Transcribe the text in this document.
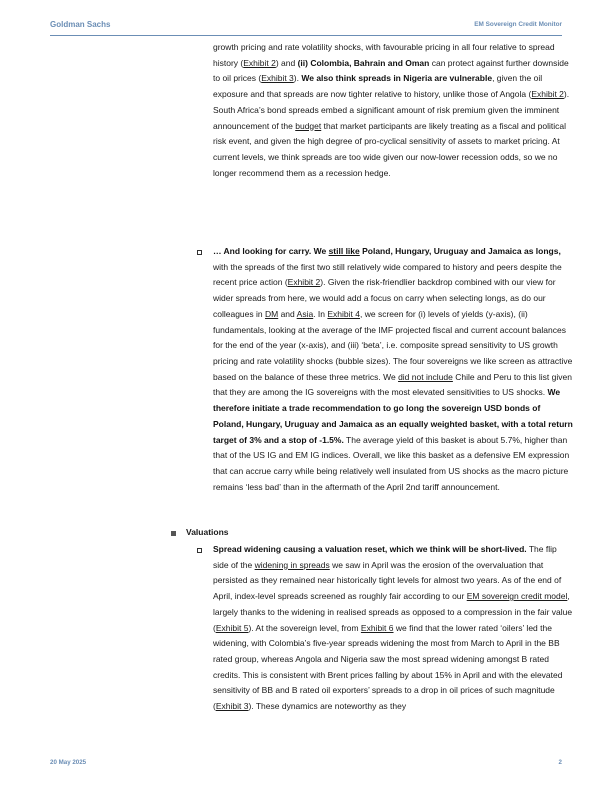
Goldman Sachs	EM Sovereign Credit Monitor

growth pricing and rate volatility shocks, with favourable pricing in all four relative to spread history (Exhibit 2) and (ii) Colombia, Bahrain and Oman can protect against further downside to oil prices (Exhibit 3). We also think spreads in Nigeria are vulnerable, given the oil exposure and that spreads are now tighter relative to history, unlike those of Angola (Exhibit 2). South Africa’s bond spreads embed a significant amount of risk premium given the imminent announcement of the budget that market participants are likely treating as a fiscal and political risk event, and given the high degree of pro-cyclical sensitivity of assets to market pricing. At current levels, we think spreads are too wide given our now-lower recession odds, so we no longer recommend them as a recession hedge.

… And looking for carry. We still like Poland, Hungary, Uruguay and Jamaica as longs, with the spreads of the first two still relatively wide compared to history and peers despite the recent price action (Exhibit 2). Given the risk-friendlier backdrop combined with our view for wider spreads from here, we would add a focus on carry when selecting longs, as do our colleagues in DM and Asia. In Exhibit 4, we screen for (i) levels of yields (y-axis), (ii) fundamentals, looking at the average of the IMF projected fiscal and current account balances for the end of the year (x-axis), and (iii) ‘beta’, i.e. composite spread sensitivity to US growth pricing and rate volatility shocks (bubble sizes). The four sovereigns we like screen as attractive based on the balance of these three metrics. We did not include Chile and Peru to this list given that they are among the IG sovereigns with the most elevated sensitivities to US shocks. We therefore initiate a trade recommendation to go long the sovereign USD bonds of Poland, Hungary, Uruguay and Jamaica as an equally weighted basket, with a total return target of 3% and a stop of -1.5%. The average yield of this basket is about 5.7%, higher than that of the US IG and EM IG indices. Overall, we like this basket as a defensive EM expression that can accrue carry while being relatively well insulated from US shocks as the macro picture remains ‘less bad’ than in the aftermath of the April 2nd tariff announcement.

Valuations

Spread widening causing a valuation reset, which we think will be short-lived. The flip side of the widening in spreads we saw in April was the erosion of the overvaluation that persisted as they remained near historically tight levels for almost two years. As of the end of April, index-level spreads screened as roughly fair according to our EM sovereign credit model, largely thanks to the widening in realised spreads as opposed to a compression in the fair value (Exhibit 5). At the sovereign level, from Exhibit 6 we find that the lower rated ‘oilers’ led the widening, with Colombia’s five-year spreads widening the most from March to April in the BB rated group, whereas Angola and Nigeria saw the most spread widening amongst B rated credits. This is consistent with Brent prices falling by about 15% in April and with the elevated sensitivity of BB and B rated oil exporters’ spreads to a drop in oil prices of such magnitude (Exhibit 3). These dynamics are noteworthy as they

20 May 2025	2
